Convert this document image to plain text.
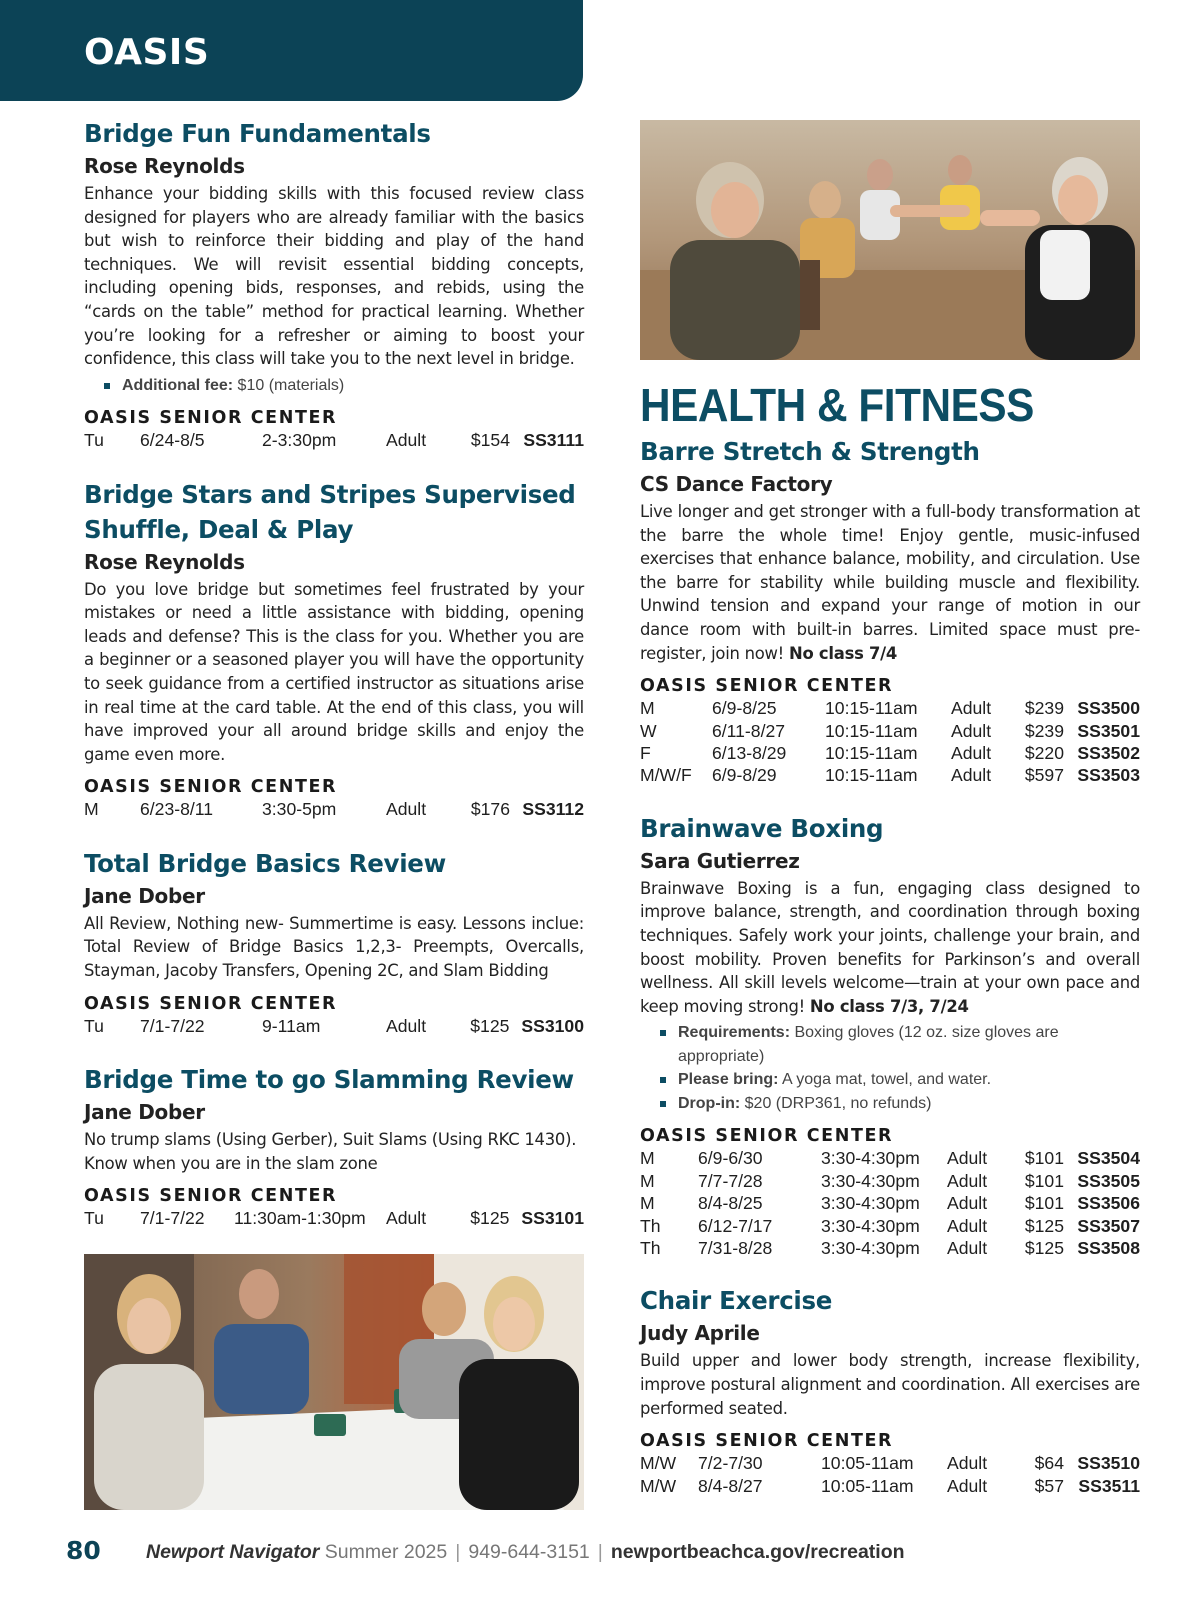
OASIS
Bridge Fun Fundamentals
Rose Reynolds
Enhance your bidding skills with this focused review class designed for players who are already familiar with the basics but wish to reinforce their bidding and play of the hand techniques. We will revisit essential bidding concepts, including opening bids, responses, and rebids, using the “cards on the table” method for practical learning. Whether you’re looking for a refresher or aiming to boost your confidence, this class will take you to the next level in bridge.
Additional fee: $10 (materials)
OASIS SENIOR CENTER
Tu	6/24-8/5	2-3:30pm	Adult	$154	SS3111
Bridge Stars and Stripes Supervised Shuffle, Deal & Play
Rose Reynolds
Do you love bridge but sometimes feel frustrated by your mistakes or need a little assistance with bidding, opening leads and defense? This is the class for you. Whether you are a beginner or a seasoned player you will have the opportunity to seek guidance from a certified instructor as situations arise in real time at the card table. At the end of this class, you will have improved your all around bridge skills and enjoy the game even more.
OASIS SENIOR CENTER
M	6/23-8/11	3:30-5pm	Adult	$176	SS3112
Total Bridge Basics Review
Jane Dober
All Review, Nothing new- Summertime is easy. Lessons inclue: Total Review of Bridge Basics 1,2,3- Preempts, Overcalls, Stayman, Jacoby Transfers, Opening 2C, and Slam Bidding
OASIS SENIOR CENTER
Tu	7/1-7/22	9-11am	Adult	$125	SS3100
Bridge Time to go Slamming Review
Jane Dober
No trump slams (Using Gerber), Suit Slams (Using RKC 1430). Know when you are in the slam zone
OASIS SENIOR CENTER
Tu	7/1-7/22	11:30am-1:30pm	Adult	$125	SS3101
HEALTH & FITNESS
Barre Stretch & Strength
CS Dance Factory
Live longer and get stronger with a full-body transformation at the barre the whole time! Enjoy gentle, music-infused exercises that enhance balance, mobility, and circulation. Use the barre for stability while building muscle and flexibility. Unwind tension and expand your range of motion in our dance room with built-in barres. Limited space must pre-register, join now! No class 7/4
OASIS SENIOR CENTER
M	6/9-8/25	10:15-11am	Adult	$239	SS3500
W	6/11-8/27	10:15-11am	Adult	$239	SS3501
F	6/13-8/29	10:15-11am	Adult	$220	SS3502
M/W/F	6/9-8/29	10:15-11am	Adult	$597	SS3503
Brainwave Boxing
Sara Gutierrez
Brainwave Boxing is a fun, engaging class designed to improve balance, strength, and coordination through boxing techniques. Safely work your joints, challenge your brain, and boost mobility. Proven benefits for Parkinson’s and overall wellness. All skill levels welcome—train at your own pace and keep moving strong! No class 7/3, 7/24
Requirements: Boxing gloves (12 oz. size gloves are appropriate)
Please bring: A yoga mat, towel, and water.
Drop-in: $20 (DRP361, no refunds)
OASIS SENIOR CENTER
M	6/9-6/30	3:30-4:30pm	Adult	$101	SS3504
M	7/7-7/28	3:30-4:30pm	Adult	$101	SS3505
M	8/4-8/25	3:30-4:30pm	Adult	$101	SS3506
Th	6/12-7/17	3:30-4:30pm	Adult	$125	SS3507
Th	7/31-8/28	3:30-4:30pm	Adult	$125	SS3508
Chair Exercise
Judy Aprile
Build upper and lower body strength, increase flexibility, improve postural alignment and coordination. All exercises are performed seated.
OASIS SENIOR CENTER
M/W	7/2-7/30	10:05-11am	Adult	$64	SS3510
M/W	8/4-8/27	10:05-11am	Adult	$57	SS3511
80 Newport Navigator Summer 2025 | 949-644-3151 | newportbeachca.gov/recreation
